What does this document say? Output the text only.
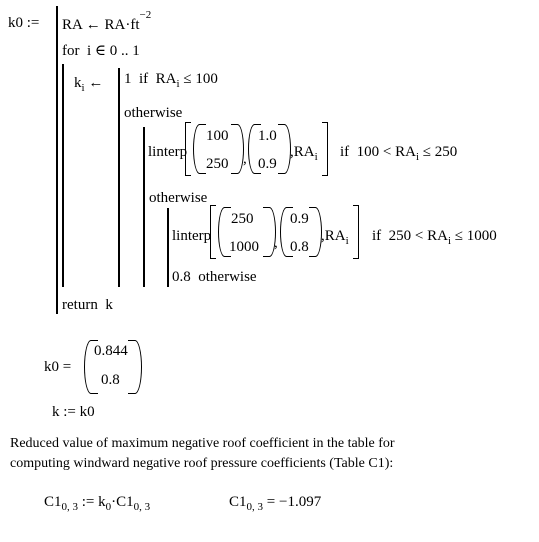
k0 := RA ← $RA\cdot ft^{-2}$
for i ∈ 0 .. 1
$k_i$ ← 1 if $RA_i \le 100$
otherwise
linterp
100
250 ,
1.0
0.9
$,RA_i$ if $100 < RA_i \le 250$
otherwise
linterp
250
1000 ,
0.9
0.8
$,RA_i$ if $250 < RA_i \le 1000$
0.8 otherwise
return k
k0 =
0.844
0.8
k := k0
Reduced value of maximum negative roof coefficient in the table for
computing windward negative roof pressure coefficients (Table C1):
$C1_{0, 3}$ := $k_0\cdot C1_{0, 3}$	$C1_{0, 3} = -1.097$
